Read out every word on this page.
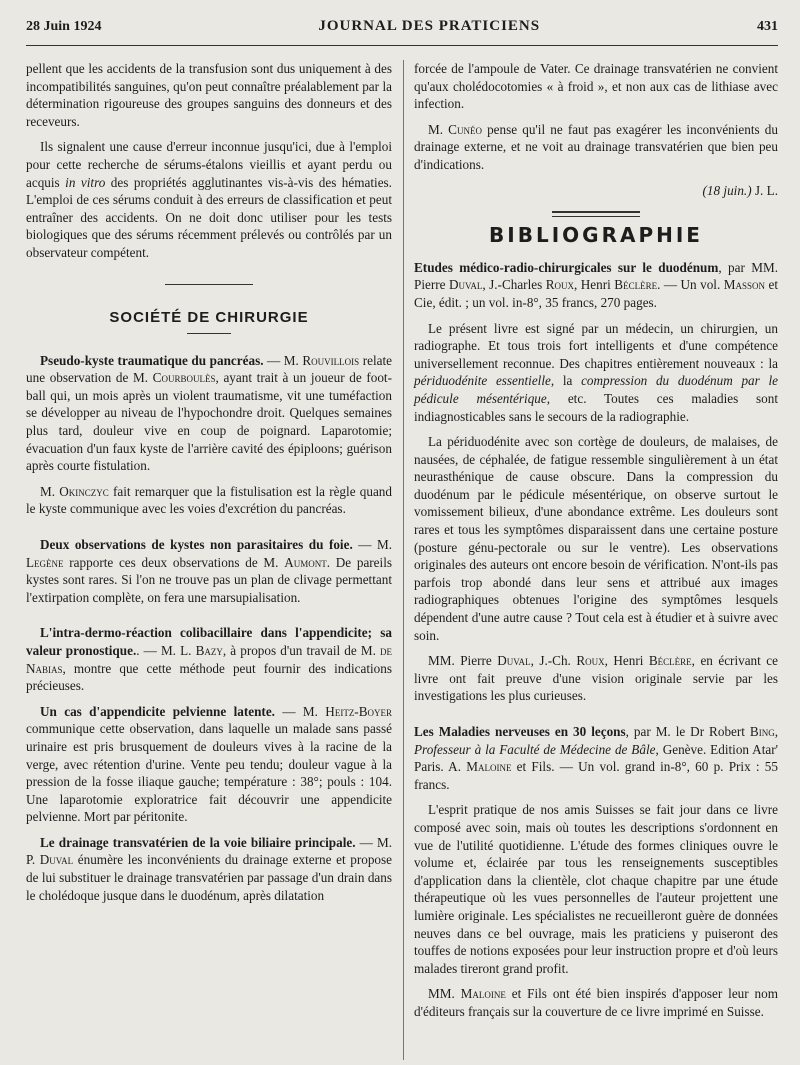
28 Juin 1924	JOURNAL DES PRATICIENS	431

pellent que les accidents de la transfusion sont dus uniquement à des incompatibilités sanguines, qu'on peut connaître préalablement par la détermination rigoureuse des groupes sanguins des donneurs et des receveurs.

Ils signalent une cause d'erreur inconnue jusqu'ici, due à l'emploi pour cette recherche de sérums-étalons vieillis et ayant perdu ou acquis in vitro des propriétés agglutinantes vis-à-vis des hématies. L'emploi de ces sérums conduit à des erreurs de classification et peut entraîner des accidents. On ne doit donc utiliser pour les tests biologiques que des sérums récemment prélevés ou contrôlés par un observateur compétent.

SOCIÉTÉ DE CHIRURGIE

Pseudo-kyste traumatique du pancréas. — M. Rouvillois relate une observation de M. Courboulès, ayant trait à un joueur de foot-ball qui, un mois après un violent traumatisme, vit une tuméfaction se développer au niveau de l'hypochondre droit. Quelques semaines plus tard, douleur vive en coup de poignard. Laparotomie; évacuation d'un faux kyste de l'arrière cavité des épiploons; guérison après courte fistulation.

M. Okinczyc fait remarquer que la fistulisation est la règle quand le kyste communique avec les voies d'excrétion du pancréas.

Deux observations de kystes non parasitaires du foie. — M. Legène rapporte ces deux observations de M. Aumont. De pareils kystes sont rares. Si l'on ne trouve pas un plan de clivage permettant l'extirpation complète, on fera une marsupialisation.

L'intra-dermo-réaction colibacillaire dans l'appendicite; sa valeur pronostique.. — M. L. Bazy, à propos d'un travail de M. de Nabias, montre que cette méthode peut fournir des indications précieuses.

Un cas d'appendicite pelvienne latente. — M. Heitz-Boyer communique cette observation, dans laquelle un malade sans passé urinaire est pris brusquement de douleurs vives à la racine de la verge, avec rétention d'urine. Vente peu tendu; douleur vague à la pression de la fosse iliaque gauche; température : 38°; pouls : 104. Une laparotomie exploratrice fait découvrir une appendicite pelvienne. Mort par péritonite.

Le drainage transvatérien de la voie biliaire principale. — M. P. Duval énumère les inconvénients du drainage externe et propose de lui substituer le drainage transvatérien par passage d'un drain dans le cholédoque jusque dans le duodénum, après dilatation

forcée de l'ampoule de Vater. Ce drainage transvatérien ne convient qu'aux cholédocotomies « à froid », et non aux cas de lithiase avec infection.

M. Cunéo pense qu'il ne faut pas exagérer les inconvénients du drainage externe, et ne voit au drainage transvatérien que bien peu d'indications.

(18 juin.) J. L.
BIBLIOGRAPHIE

Etudes médico-radio-chirurgicales sur le duodénum, par MM. Pierre Duval, J.-Charles Roux, Henri Béclère. — Un vol. Masson et Cie, édit. ; un vol. in-8°, 35 francs, 270 pages.

Le présent livre est signé par un médecin, un chirurgien, un radiographe. Et tous trois fort intelligents et d'une compétence universellement reconnue. Des chapitres entièrement nouveaux : la périduodénite essentielle, la compression du duodénum par le pédicule mésentérique, etc. Toutes ces maladies sont indiagnosticables sans le secours de la radiographie.

La périduodénite avec son cortège de douleurs, de malaises, de nausées, de céphalée, de fatigue ressemble singulièrement à un état neurasthénique de cause obscure. Dans la compression du duodénum par le pédicule mésentérique, on observe surtout le vomissement bilieux, d'une abondance extrême. Les douleurs sont rares et tous les symptômes disparaissent dans une certaine posture (posture génu-pectorale ou sur le ventre). Les observations originales des auteurs ont encore besoin de vérification. N'ont-ils pas parfois trop abondé dans leur sens et attribué aux images radiographiques obtenues l'origine des symptômes lesquels dépendent d'une autre cause ? Tout cela est à étudier et à suivre avec soin.

MM. Pierre Duval, J.-Ch. Roux, Henri Béclère, en écrivant ce livre ont fait preuve d'une vision originale servie par les investigations les plus curieuses.

Les Maladies nerveuses en 30 leçons, par M. le Dr Robert Bing, Professeur à la Faculté de Médecine de Bâle, Genève. Edition Atar' Paris. A. Maloine et Fils. — Un vol. grand in-8°, 60 p. Prix : 55 francs.

L'esprit pratique de nos amis Suisses se fait jour dans ce livre composé avec soin, mais où toutes les descriptions s'ordonnent en vue de l'utilité quotidienne. L'étude des formes cliniques ouvre le volume et, éclairée par tous les renseignements susceptibles d'application dans la clientèle, clot chaque chapitre par une étude thérapeutique où les vues personnelles de l'auteur projettent une lumière originale. Les spécialistes ne recueilleront guère de données neuves dans ce bel ouvrage, mais les praticiens y puiseront des touffes de notions exposées pour leur instruction propre et d'où leurs malades tireront grand profit.

MM. Maloine et Fils ont été bien inspirés d'apposer leur nom d'éditeurs français sur la couverture de ce livre imprimé en Suisse.
